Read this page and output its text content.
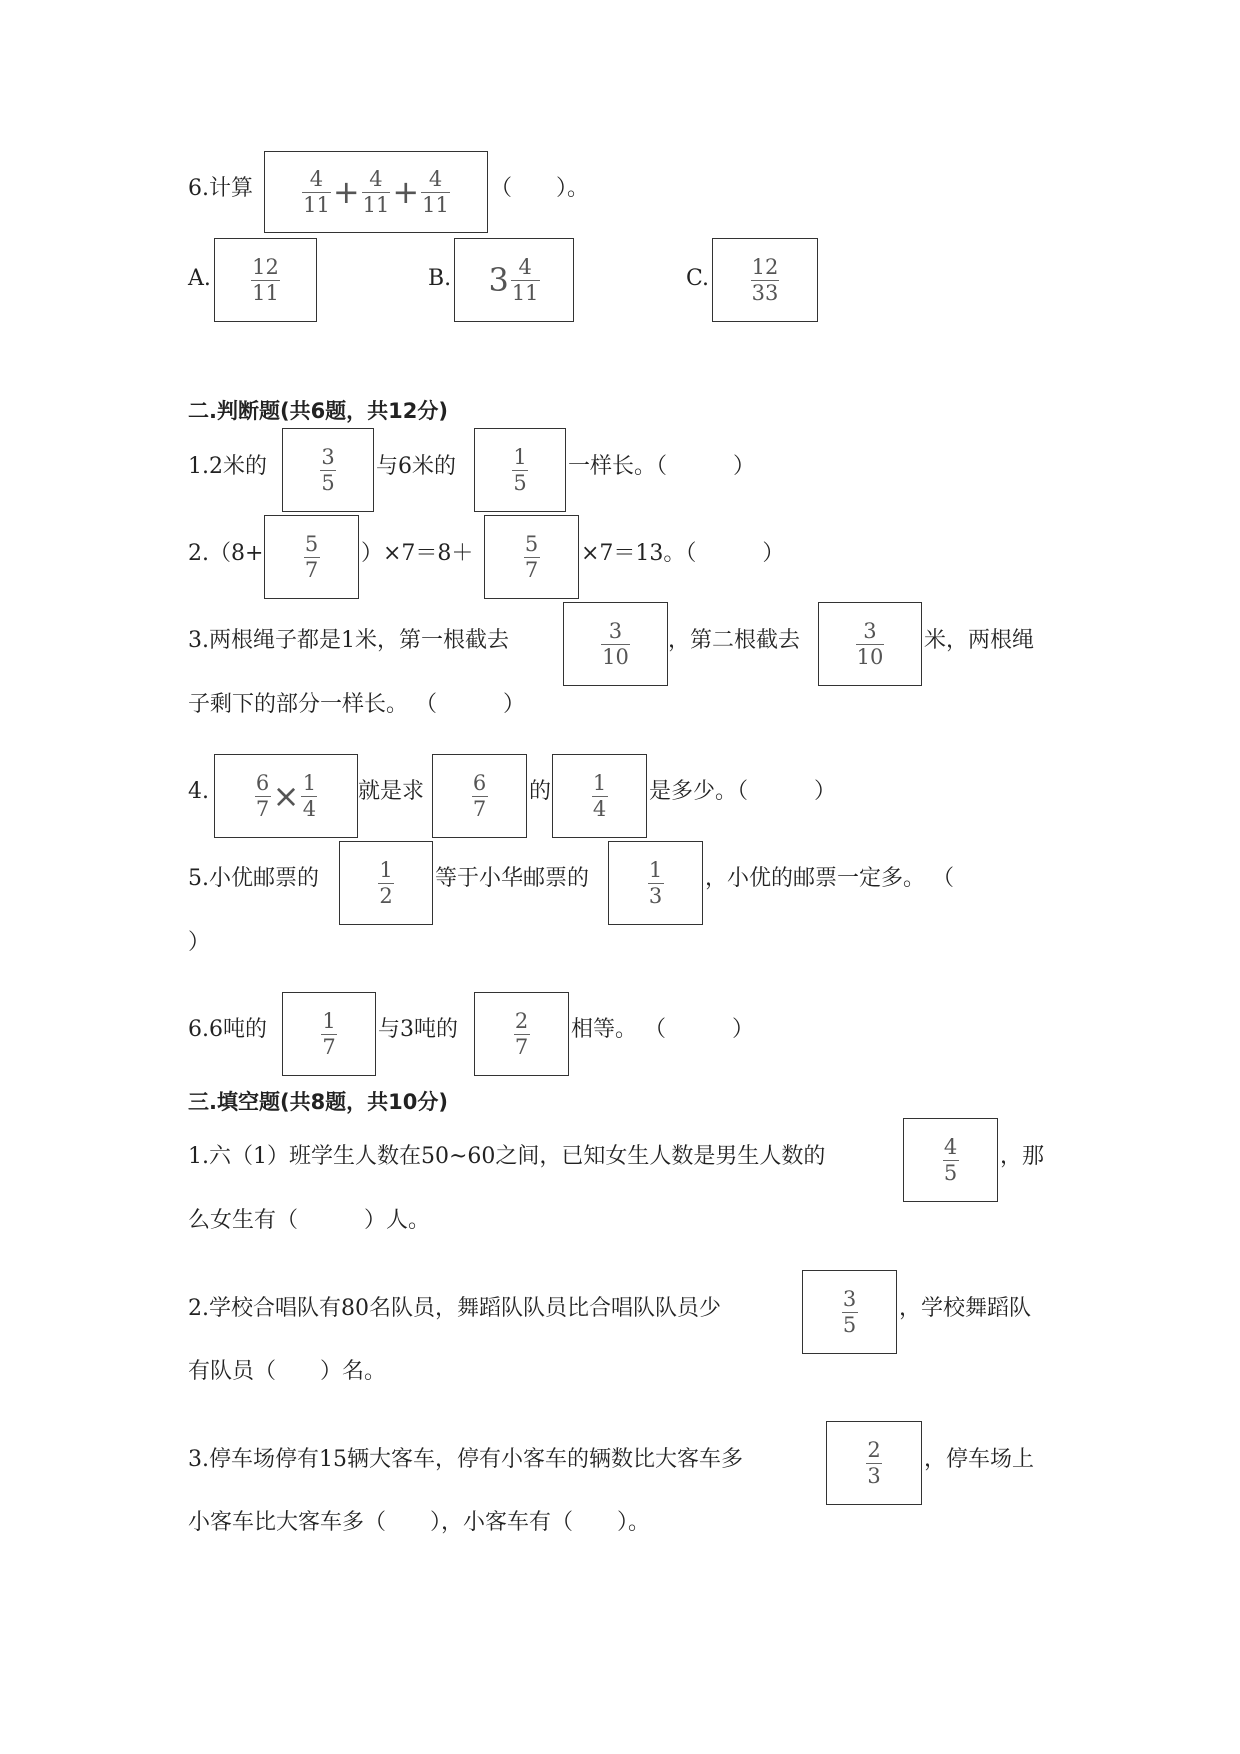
6.计算 $\frac{4}{11} + \frac{4}{11} + \frac{4}{11}$ （　　）。
A. $\frac{12}{11}$	B. $3 \frac{4}{11}$	C. $\frac{12}{33}$
二.判断题(共6题，共12分)
1.2米的	$\frac{3}{5}$ 与6米的	$\frac{1}{5}$ 一样长。（　　　）
$2.(8+ \frac{5}{7} )\times 7=8+ \frac{5}{7} \times 7=13$。（　　　）
3.两根绳子都是1米，第一根截去	$\frac{3}{10}$ ，第二根截去	$\frac{3}{10}$ 米，两根绳
子剩下的部分一样长。 （　　　）
4. $\frac{6}{7} \times \frac{1}{4}$ 就是求 $\frac{6}{7}$ 的 $\frac{1}{4}$ 是多少。（　　　）
5.小优邮票的	$\frac{1}{2}$ 等于小华邮票的	$\frac{1}{3}$ ，小优的邮票一定多。 （
）
6.6吨的	$\frac{1}{7}$ 与3吨的	$\frac{2}{7}$ 相等。 （　　　）
三.填空题(共8题，共10分)
1.六（1）班学生人数在50~60之间，已知女生人数是男生人数的	$\frac{4}{5}$ ，那
么女生有（　　　）人。
2.学校合唱队有80名队员，舞蹈队队员比合唱队队员少	$\frac{3}{5}$ ，学校舞蹈队
有队员（　　）名。
3.停车场停有15辆大客车，停有小客车的辆数比大客车多	$\frac{2}{3}$ ，停车场上
小客车比大客车多（　　），小客车有（　　）。
